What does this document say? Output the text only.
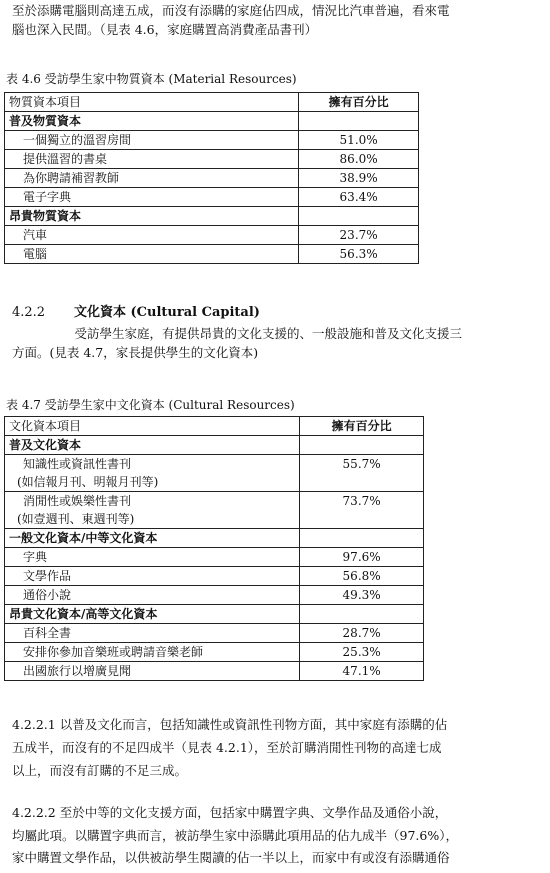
至於添購電腦則高達五成，而沒有添購的家庭佔四成，情況比汽車普遍，看來電
腦也深入民間。（見表 4.6，家庭購置高消費產品書刊）
表 4.6 受訪學生家中物質資本 (Material Resources)
物質資本項目	擁有百分比
普及物質資本	
一個獨立的溫習房間	51.0%
提供溫習的書桌	86.0%
為你聘請補習教師	38.9%
電子字典	63.4%
昂貴物質資本	
汽車	23.7%
電腦	56.3%
4.2.2 文化資本 (Cultural Capital)
受訪學生家庭，有提供昂貴的文化支援的、一般設施和普及文化支援三
方面。(見表 4.7，家長提供學生的文化資本)
表 4.7 受訪學生家中文化資本 (Cultural Resources)
文化資本項目	擁有百分比
普及文化資本	
知識性或資訊性書刊	55.7%
(如信報月刊、明報月刊等)	
消閒性或娛樂性書刊	73.7%
(如壹週刊、東週刊等)	
一般文化資本/中等文化資本	
字典	97.6%
文學作品	56.8%
通俗小說	49.3%
昂貴文化資本/高等文化資本	
百科全書	28.7%
安排你參加音樂班或聘請音樂老師	25.3%
出國旅行以增廣見聞	47.1%
4.2.2.1 以普及文化而言，包括知識性或資訊性刊物方面，其中家庭有添購的佔
五成半，而沒有的不足四成半（見表 4.2.1），至於訂購消閒性刊物的高達七成
以上，而沒有訂購的不足三成。
4.2.2.2 至於中等的文化支援方面，包括家中購置字典、文學作品及通俗小說，
均屬此項。以購置字典而言，被訪學生家中添購此項用品的佔九成半（97.6%），
家中購置文學作品，以供被訪學生閱讀的佔一半以上，而家中有或沒有添購通俗
